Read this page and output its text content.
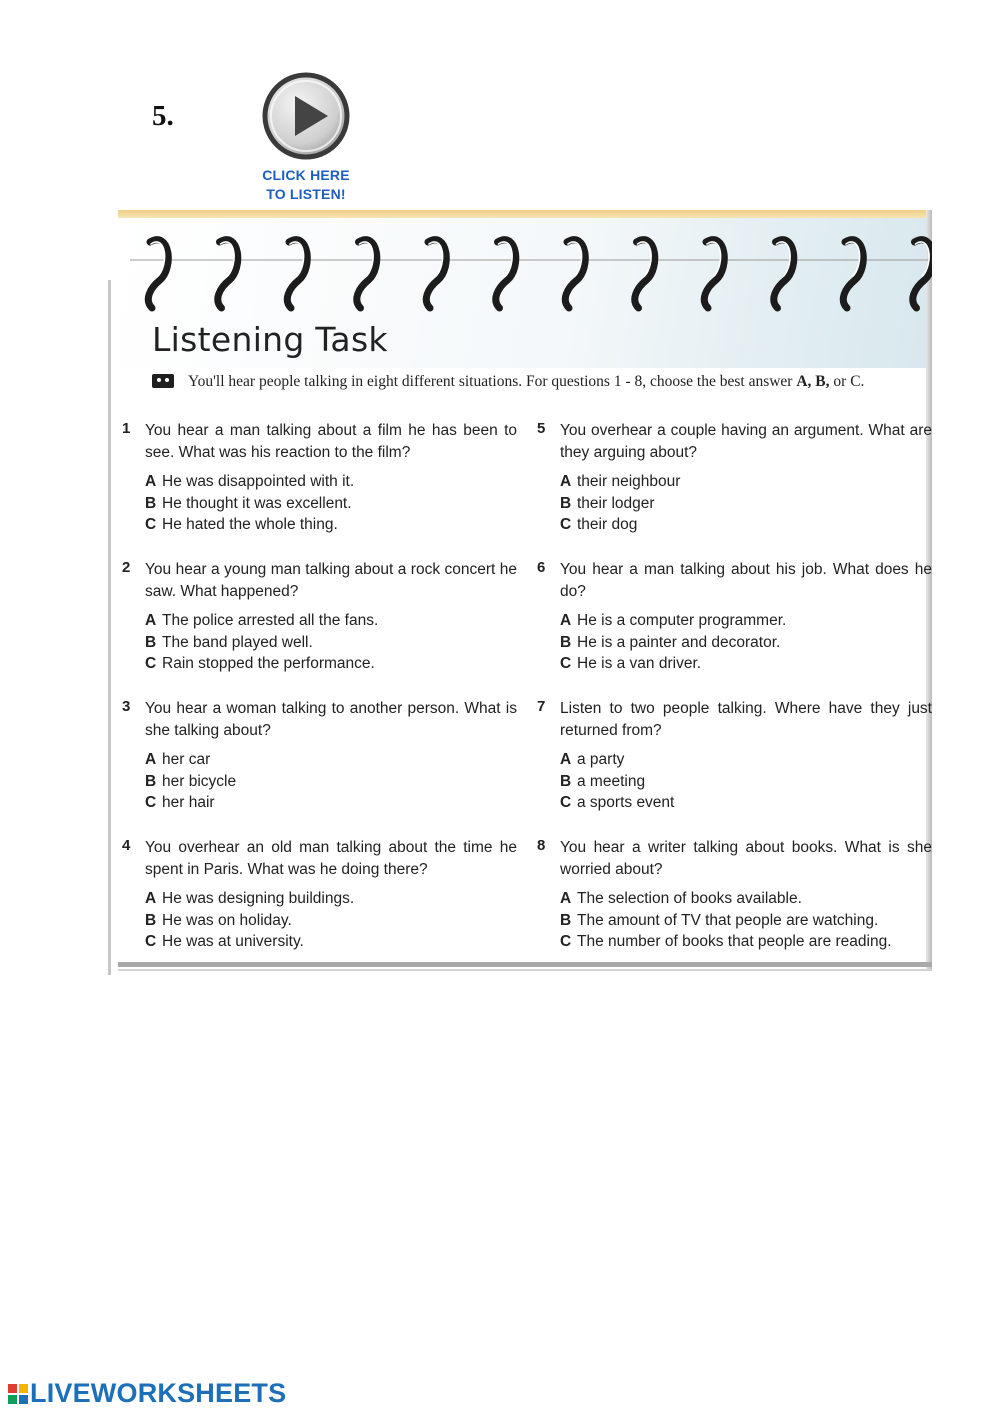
5.
CLICK HERE
TO LISTEN!
Listening Task
You'll hear people talking in eight different situations. For questions 1 - 8, choose the best answer A, B, or C.
1 You hear a man talking about a film he has been to see. What was his reaction to the film?
A He was disappointed with it.
B He thought it was excellent.
C He hated the whole thing.
2 You hear a young man talking about a rock concert he saw. What happened?
A The police arrested all the fans.
B The band played well.
C Rain stopped the performance.
3 You hear a woman talking to another person. What is she talking about?
A her car
B her bicycle
C her hair
4 You overhear an old man talking about the time he spent in Paris. What was he doing there?
A He was designing buildings.
B He was on holiday.
C He was at university.
5 You overhear a couple having an argument. What are they arguing about?
A their neighbour
B their lodger
C their dog
6 You hear a man talking about his job. What does he do?
A He is a computer programmer.
B He is a painter and decorator.
C He is a van driver.
7 Listen to two people talking. Where have they just returned from?
A a party
B a meeting
C a sports event
8 You hear a writer talking about books. What is she worried about?
A The selection of books available.
B The amount of TV that people are watching.
C The number of books that people are reading.
LIVEWORKSHEETS
